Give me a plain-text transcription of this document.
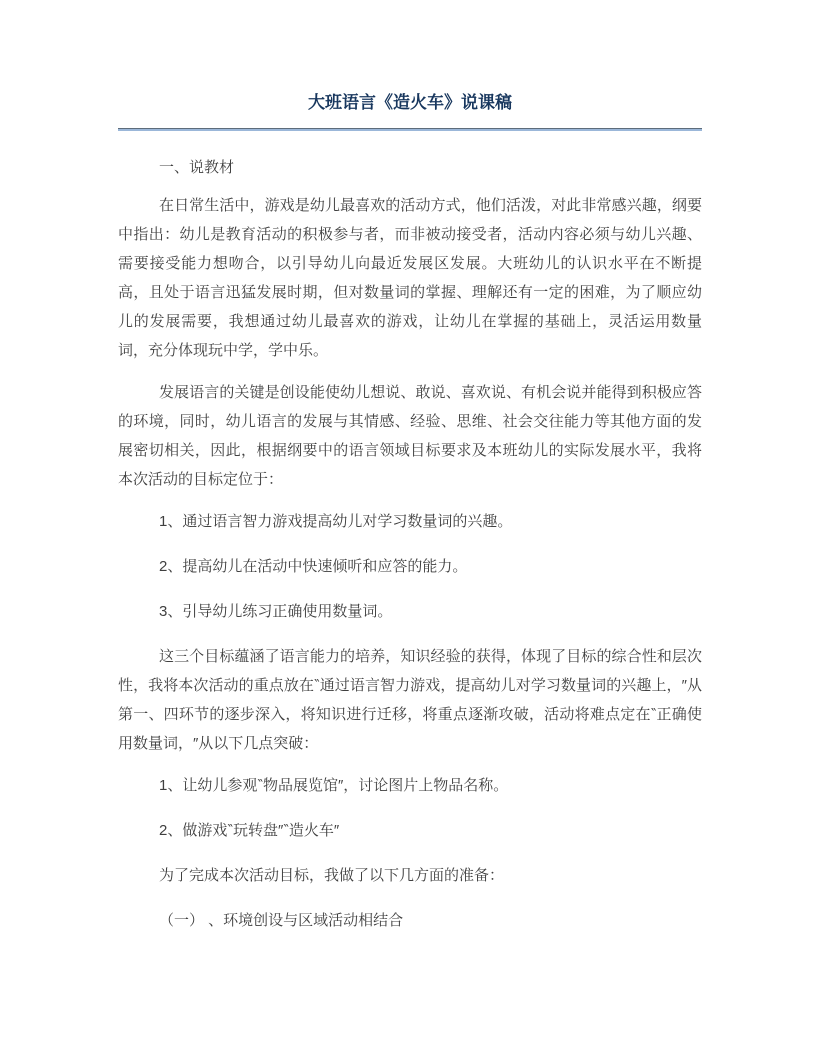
大班语言《造火车》说课稿
一、说教材

在日常生活中，游戏是幼儿最喜欢的活动方式，他们活泼，对此非常感兴趣，纲要中指出：幼儿是教育活动的积极参与者，而非被动接受者，活动内容必须与幼儿兴趣、需要接受能力想吻合，以引导幼儿向最近发展区发展。大班幼儿的认识水平在不断提高，且处于语言迅猛发展时期，但对数量词的掌握、理解还有一定的困难，为了顺应幼儿的发展需要，我想通过幼儿最喜欢的游戏，让幼儿在掌握的基础上，灵活运用数量词，充分体现玩中学，学中乐。

发展语言的关键是创设能使幼儿想说、敢说、喜欢说、有机会说并能得到积极应答的环境，同时，幼儿语言的发展与其情感、经验、思维、社会交往能力等其他方面的发展密切相关，因此，根据纲要中的语言领域目标要求及本班幼儿的实际发展水平，我将本次活动的目标定位于：

1、通过语言智力游戏提高幼儿对学习数量词的兴趣。

2、提高幼儿在活动中快速倾听和应答的能力。

3、引导幼儿练习正确使用数量词。

这三个目标蕴涵了语言能力的培养，知识经验的获得，体现了目标的综合性和层次性，我将本次活动的重点放在‶通过语言智力游戏，提高幼儿对学习数量词的兴趣上，″从第一、四环节的逐步深入，将知识进行迁移，将重点逐渐攻破，活动将难点定在‶正确使用数量词，″从以下几点突破：

1、让幼儿参观‶物品展览馆″，讨论图片上物品名称。

2、做游戏‶玩转盘″‶造火车″

为了完成本次活动目标，我做了以下几方面的准备：

（一） 、环境创设与区域活动相结合
